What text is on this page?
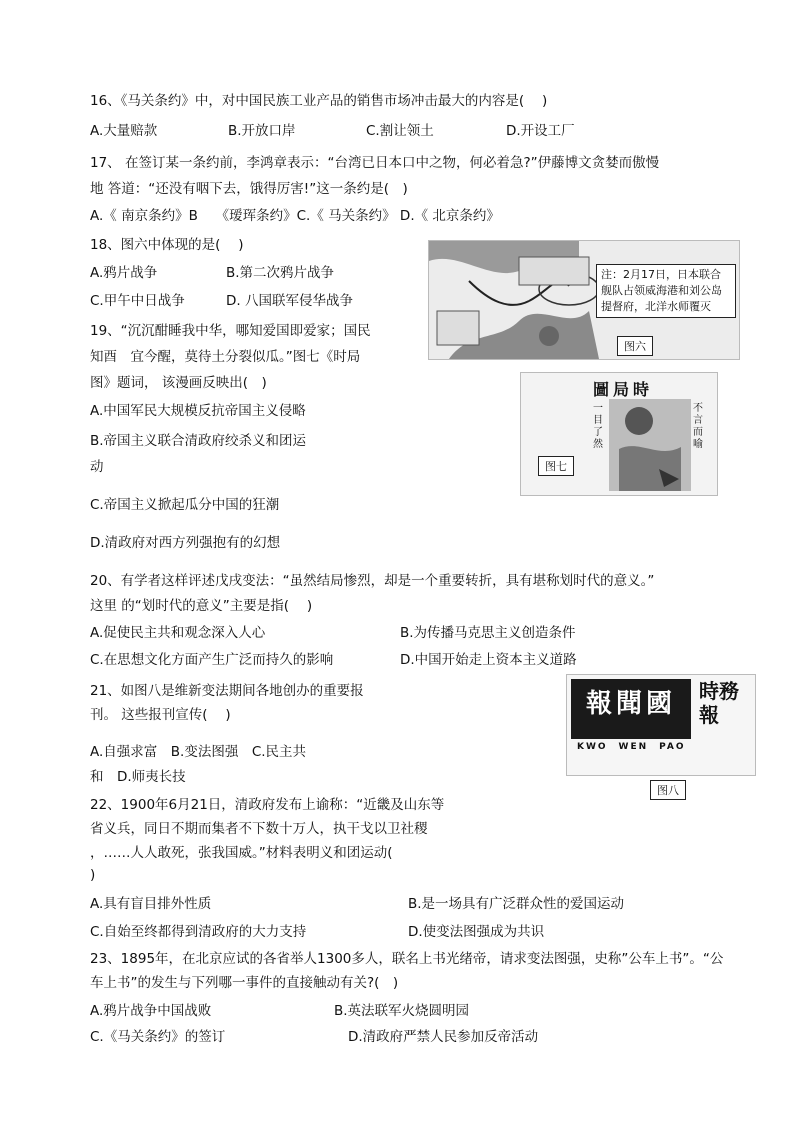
16、《马关条约》中，对中国民族工业产品的销售市场冲击最大的内容是(　 )
A.大量赔款	B.开放口岸	C.割让领土	D.开设工厂
17、 在签订某一条约前，李鸿章表示：“台湾已日本口中之物，何必着急?”伊藤博文贪婪而傲慢
地 答道：“还没有咽下去，饿得厉害!”这一条约是(　)
A.《 南京条约》B　 《瑷珲条约》C.《 马关条约》 D.《 北京条约》
18、图六中体现的是(　 )
A.鸦片战争	B.第二次鸦片战争
C.甲午中日战争	D. 八国联军侵华战争
注：2月17日，日本联合舰队占领威海港和刘公岛提督府，北洋水师覆灭
图六
19、“沉沉酣睡我中华，哪知爱国即爱家；国民
知酉　宜今醒，莫待土分裂似瓜。”图七《时局
图》题词， 该漫画反映出(　)
A.中国军民大规模反抗帝国主义侵略
B.帝国主义联合清政府绞杀义和团运
动
C.帝国主义掀起瓜分中国的狂潮
D.清政府对西方列强抱有的幻想
圖局時
一目了然
不言而喻
图七
20、有学者这样评述戊戌变法：“虽然结局惨烈，却是一个重要转折，具有堪称划时代的意义。”
这里 的“划时代的意义”主要是指(　 )
A.促使民主共和观念深入人心	B.为传播马克思主义创造条件
C.在思想文化方面产生广泛而持久的影响	D.中国开始走上资本主义道路
21、如图八是维新变法期间各地创办的重要报
刊。 这些报刊宣传(　 )
A.自强求富　B.变法图强　C.民主共
和　D.师夷长技
報聞國
KWO　WEN　PAO
時務報
图八
22、1900年6月21日，清政府发布上谕称：“近畿及山东等
省义兵，同日不期而集者不下数十万人，执干戈以卫社稷
，……人人敢死，张我国威。”材料表明义和团运动(
)
A.具有盲目排外性质	B.是一场具有广泛群众性的爱国运动
C.自始至终都得到清政府的大力支持	D.使变法图强成为共识
23、1895年，在北京应试的各省举人1300多人，联名上书光绪帝，请求变法图强，史称”公车上书”。“公
车上书”的发生与下列哪一事件的直接触动有关?(　)
A.鸦片战争中国战败	B.英法联军火烧圆明园
C.《马关条约》的签订	D.清政府严禁人民参加反帝活动
